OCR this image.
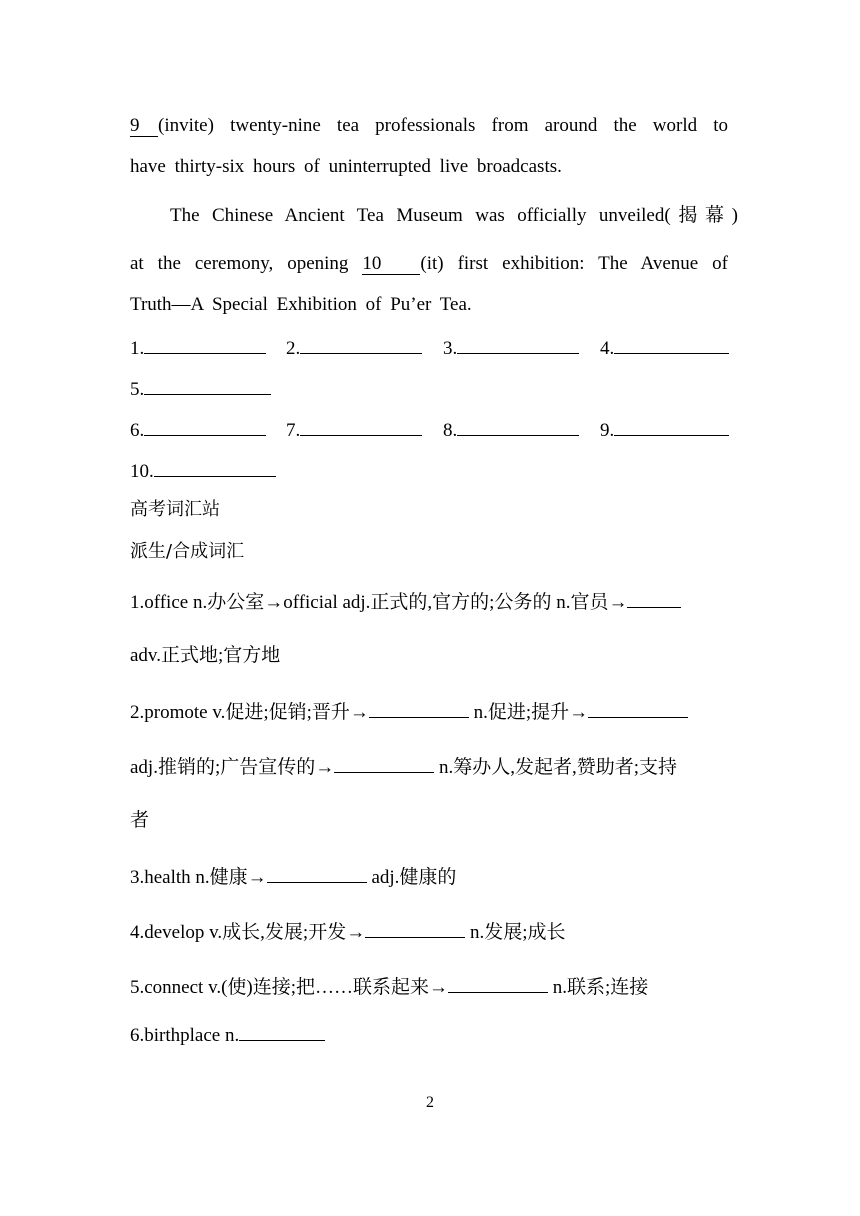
9 (invite) twenty-nine tea professionals from around the world to
have thirty-six hours of uninterrupted live broadcasts.
The Chinese Ancient Tea Museum was officially unveiled(揭幕)
at the ceremony, opening 10 (it) first exhibition: The Avenue of
Truth—A Special Exhibition of Pu’er Tea.
1.	2.	3.	4.
5.
6.	7.	8.	9.
10.
高考词汇站
派生/合成词汇
1.office n.办公室→official adj.正式的,官方的;公务的 n.官员→
adv.正式地;官方地
2.promote v.促进;促销;晋升→	n.促进;提升→
adj.推销的;广告宣传的→	n.筹办人,发起者,赞助者;支持
者
3.health n.健康→	adj.健康的
4.develop v.成长,发展;开发→	n.发展;成长
5.connect v.(使)连接;把……联系起来→	n.联系;连接
6.birthplace n.
2
